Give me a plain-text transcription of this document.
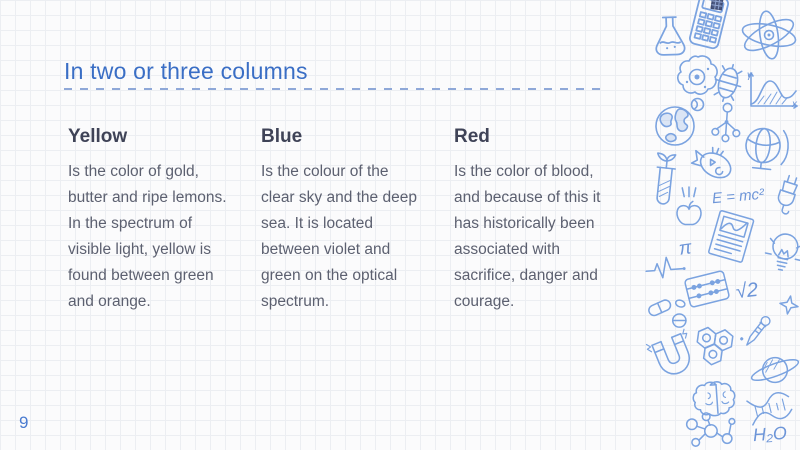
In two or three columns
Yellow

Is the color of gold, butter and ripe lemons. In the spectrum of visible light, yellow is found between green and orange.

Blue

Is the colour of the clear sky and the deep sea. It is located between violet and green on the optical spectrum.

Red

Is the color of blood, and because of this it has historically been associated with sacrifice, danger and courage.

9
γ
x
E = mc²
π
√2
H₂O
